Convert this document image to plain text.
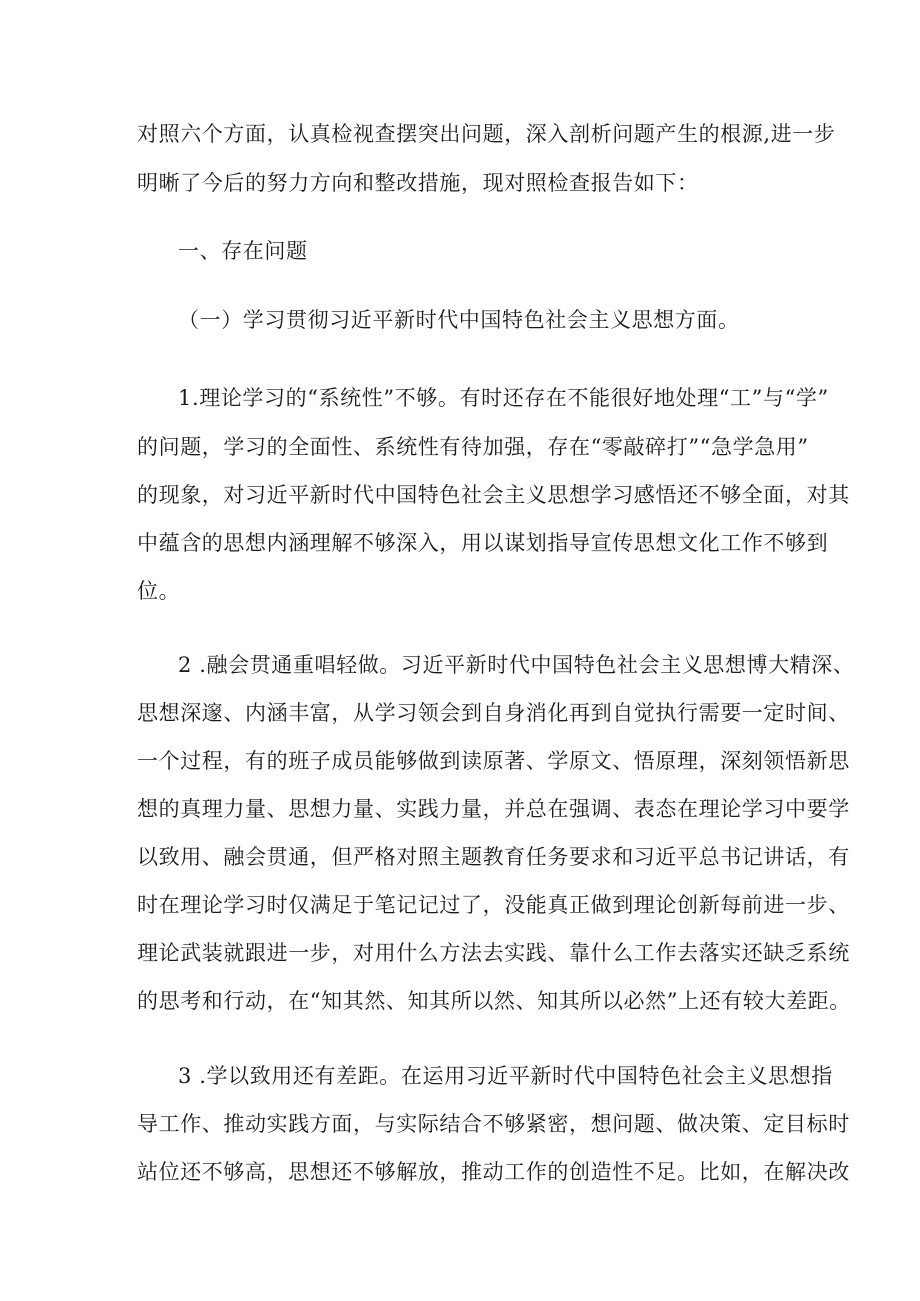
对照六个方面，认真检视查摆突出问题，深入剖析问题产生的根源,进一步
明晰了今后的努力方向和整改措施，现对照检查报告如下：
一、存在问题
（一）学习贯彻习近平新时代中国特色社会主义思想方面。
1.理论学习的“系统性”不够。有时还存在不能很好地处理“工”与“学”
的问题，学习的全面性、系统性有待加强，存在“零敲碎打”“急学急用”
的现象，对习近平新时代中国特色社会主义思想学习感悟还不够全面，对其
中蕴含的思想内涵理解不够深入，用以谋划指导宣传思想文化工作不够到
位。
2 .融会贯通重唱轻做。习近平新时代中国特色社会主义思想博大精深、
思想深邃、内涵丰富，从学习领会到自身消化再到自觉执行需要一定时间、
一个过程，有的班子成员能够做到读原著、学原文、悟原理，深刻领悟新思
想的真理力量、思想力量、实践力量，并总在强调、表态在理论学习中要学
以致用、融会贯通，但严格对照主题教育任务要求和习近平总书记讲话，有
时在理论学习时仅满足于笔记记过了，没能真正做到理论创新每前进一步、
理论武装就跟进一步，对用什么方法去实践、靠什么工作去落实还缺乏系统
的思考和行动，在“知其然、知其所以然、知其所以必然”上还有较大差距。
3 .学以致用还有差距。在运用习近平新时代中国特色社会主义思想指
导工作、推动实践方面，与实际结合不够紧密，想问题、做决策、定目标时
站位还不够高，思想还不够解放，推动工作的创造性不足。比如，在解决改
